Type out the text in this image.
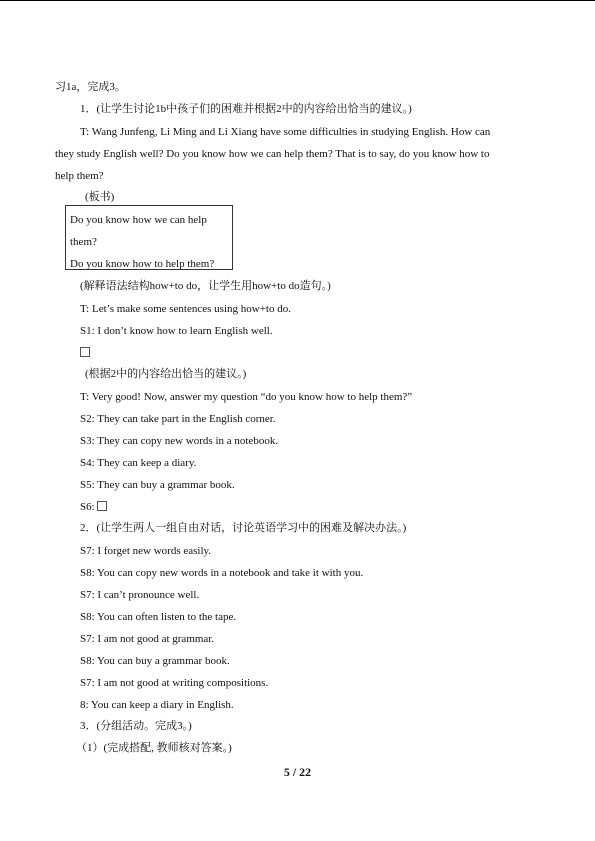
习1a，完成3。
1．(让学生讨论1b中孩子们的困难并根据2中的内容给出恰当的建议。)
T: Wang Junfeng, Li Ming and Li Xiang have some difficulties in studying English. How can
they study English well? Do you know how we can help them? That is to say, do you know how to
help them?
(板书)
Do you know how we can help
them?
Do you know how to help them?
(解释语法结构how+to do，让学生用how+to do造句。)
T: Let’s make some sentences using how+to do.
S1: I don’t know how to learn English well.
(根据2中的内容给出恰当的建议。)
T: Very good! Now, answer my question “do you know how to help them?”
S2: They can take part in the English corner.
S3: They can copy new words in a notebook.
S4: They can keep a diary.
S5: They can buy a grammar book.
S6:
2．(让学生两人一组自由对话，讨论英语学习中的困难及解决办法。)
S7: I forget new words easily.
S8: You can copy new words in a notebook and take it with you.
S7: I can’t pronounce well.
S8: You can often listen to the tape.
S7: I am not good at grammar.
S8: You can buy a grammar book.
S7: I am not good at writing compositions.
8: You can keep a diary in English.
3．(分组活动。完成3。)
（1）(完成搭配, 教师核对答案。)
5 / 22
